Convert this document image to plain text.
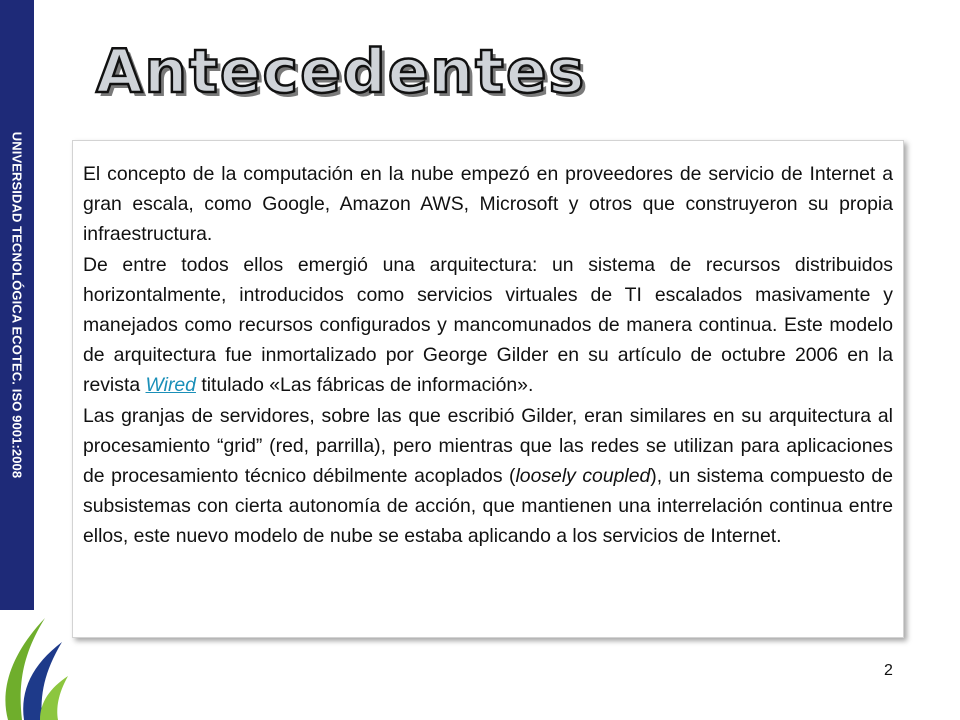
UNIVERSIDAD TECNOLÓGICA ECOTEC. ISO 9001:2008
Antecedentes

El concepto de la computación en la nube empezó en proveedores de servicio de Internet a gran escala, como Google, Amazon AWS, Microsoft y otros que construyeron su propia infraestructura.

De entre todos ellos emergió una arquitectura: un sistema de recursos distribuidos horizontalmente, introducidos como servicios virtuales de TI escalados masivamente y manejados como recursos configurados y mancomunados de manera continua. Este modelo de arquitectura fue inmortalizado por George Gilder en su artículo de octubre 2006 en la revista Wired titulado «Las fábricas de información».

Las granjas de servidores, sobre las que escribió Gilder, eran similares en su arquitectura al procesamiento “grid” (red, parrilla), pero mientras que las redes se utilizan para aplicaciones de procesamiento técnico débilmente acoplados (loosely coupled), un sistema compuesto de subsistemas con cierta autonomía de acción, que mantienen una interrelación continua entre ellos, este nuevo modelo de nube se estaba aplicando a los servicios de Internet.

2
